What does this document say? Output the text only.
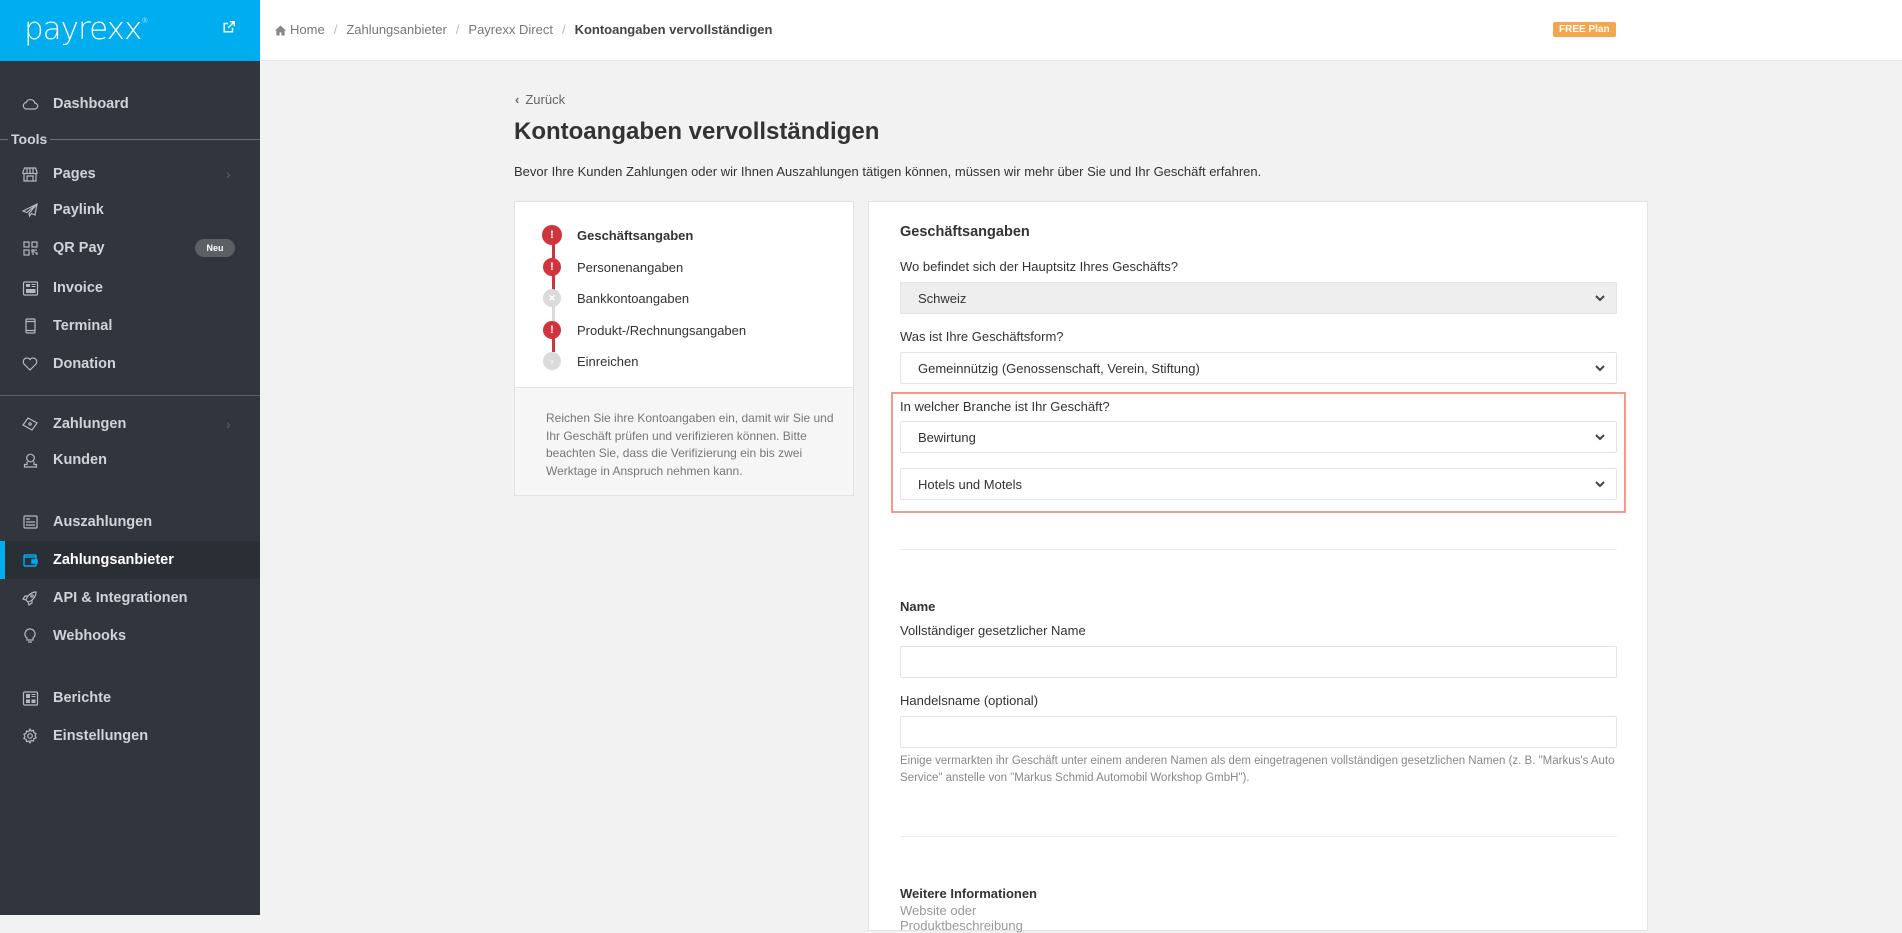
payrexx®
Dashboard
Tools
Pages	›
Paylink
QR Pay	Neu
Invoice
Terminal
Donation
Zahlungen	›
Kunden
Auszahlungen
Zahlungsanbieter
API & Integrationen
Webhooks
Berichte
Einstellungen
Home / Zahlungsanbieter / Payrexx Direct / Kontoangaben vervollständigen	FREE Plan
‹ Zurück
Kontoangaben vervollständigen

Bevor Ihre Kunden Zahlungen oder wir Ihnen Auszahlungen tätigen können, müssen wir mehr über Sie und Ihr Geschäft erfahren.

!	Geschäftsangaben
!	Personenangaben
✕	Bankkontoangaben
!	Produkt-/Rechnungsangaben
›	Einreichen

Reichen Sie ihre Kontoangaben ein, damit wir Sie und Ihr Geschäft prüfen und verifizieren können. Bitte beachten Sie, dass die Verifizierung ein bis zwei Werktage in Anspruch nehmen kann.

Geschäftsangaben
Wo befindet sich der Hauptsitz Ihres Geschäfts?
Schweiz
Was ist Ihre Geschäftsform?
Gemeinnützig (Genossenschaft, Verein, Stiftung)
In welcher Branche ist Ihr Geschäft?
Bewirtung
Hotels und Motels
Name
Vollständiger gesetzlicher Name
Handelsname (optional)

Einige vermarkten ihr Geschäft unter einem anderen Namen als dem eingetragenen vollständigen gesetzlichen Namen (z. B. "Markus's Auto Service" anstelle von "Markus Schmid Automobil Workshop GmbH").

Weitere Informationen
Website oder Produktbeschreibung
